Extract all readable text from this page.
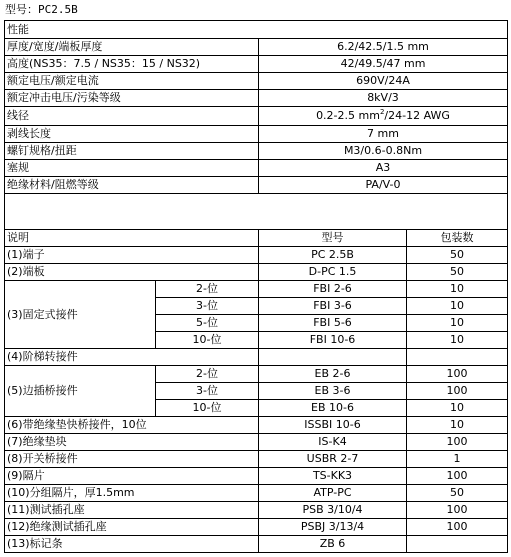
型号：PC2.5B
性能			
厚度/宽度/端板厚度		6.2/42.5/1.5 mm	
高度(NS35：7.5 / NS35：15 / NS32)		42/49.5/47 mm	
额定电压/额定电流		690V/24A	
额定冲击电压/污染等级		8kV/3	
线径		0.2-2.5 $mm^2/24-12$ AWG	
剥线长度		7 mm	
螺钉规格/扭距		M3/0.6-0.8Nm	
塞规		A3	
绝缘材料/阻燃等级		PA/V-0	

说明		型号	包装数
(1)端子		PC 2.5B	50
(2)端板		D-PC 1.5	50
(3)固定式接件	2-位	FBI 2-6	10
	3-位	FBI 3-6	10
	5-位	FBI 5-6	10
	10-位	FBI 10-6	10
(4)阶梯转接件			
(5)边插桥接件	2-位	EB 2-6	100
	3-位	EB 3-6	100
	10-位	EB 10-6	10
(6)带绝缘垫快桥接件，10位		ISSBI 10-6	10
(7)绝缘垫块		IS-K4	100
(8)开关桥接件		USBR 2-7	1
(9)隔片		TS-KK3	100
(10)分组隔片，厚1.5mm		ATP-PC	50
(11)测试插孔座		PSB 3/10/4	100
(12)绝缘测试插孔座		PSBJ 3/13/4	100
(13)标记条		ZB 6	
